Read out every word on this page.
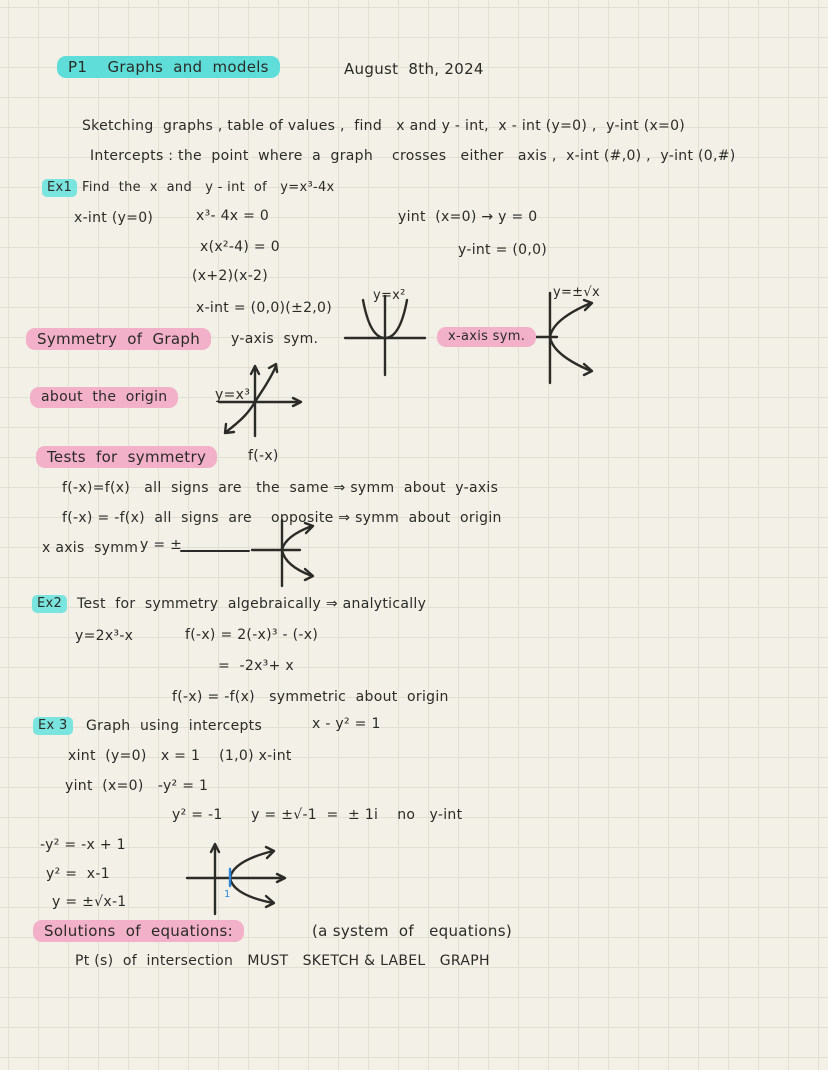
P1    Graphs  and  models	August  8th, 2024
Sketching  graphs , table of values ,  find   x and y - int,  x - int (y=0) ,  y-int (x=0)
Intercepts : the  point  where  a  graph    crosses   either   axis ,  x-int (#,0) ,  y-int (0,#)
Ex1 Find  the  x  and   y - int  of   y=x³-4x
x-int (y=0)	x³- 4x = 0	yint  (x=0) → y = 0
x(x²-4) = 0	y-int = (0,0)
(x+2)(x-2)
x-int = (0,0)(±2,0)
y=x²	y=±√x
Symmetry  of  Graph	y-axis  sym.	x-axis sym.
about  the  origin	y=x³
Tests  for  symmetry	f(-x)
f(-x)=f(x)   all  signs  are   the  same ⇒ symm  about  y-axis
f(-x) = -f(x)  all  signs  are    opposite ⇒ symm  about  origin
x axis  symm y = ±
Ex2	Test  for  symmetry  algebraically ⇒ analytically
y=2x³-x	f(-x) = 2(-x)³ - (-x)
=  -2x³+ x
f(-x) = -f(x)   symmetric  about  origin
Ex 3	Graph  using  intercepts	x - y² = 1
xint  (y=0)   x = 1    (1,0) x-int
yint  (x=0)   -y² = 1
y² = -1      y = ±√-1  =  ± 1i    no   y-int
-y² = -x + 1
y² =  x-1
y = ±√x-1	1
Solutions  of  equations:	(a system  of   equations)
Pt (s)  of  intersection   MUST   SKETCH & LABEL   GRAPH
